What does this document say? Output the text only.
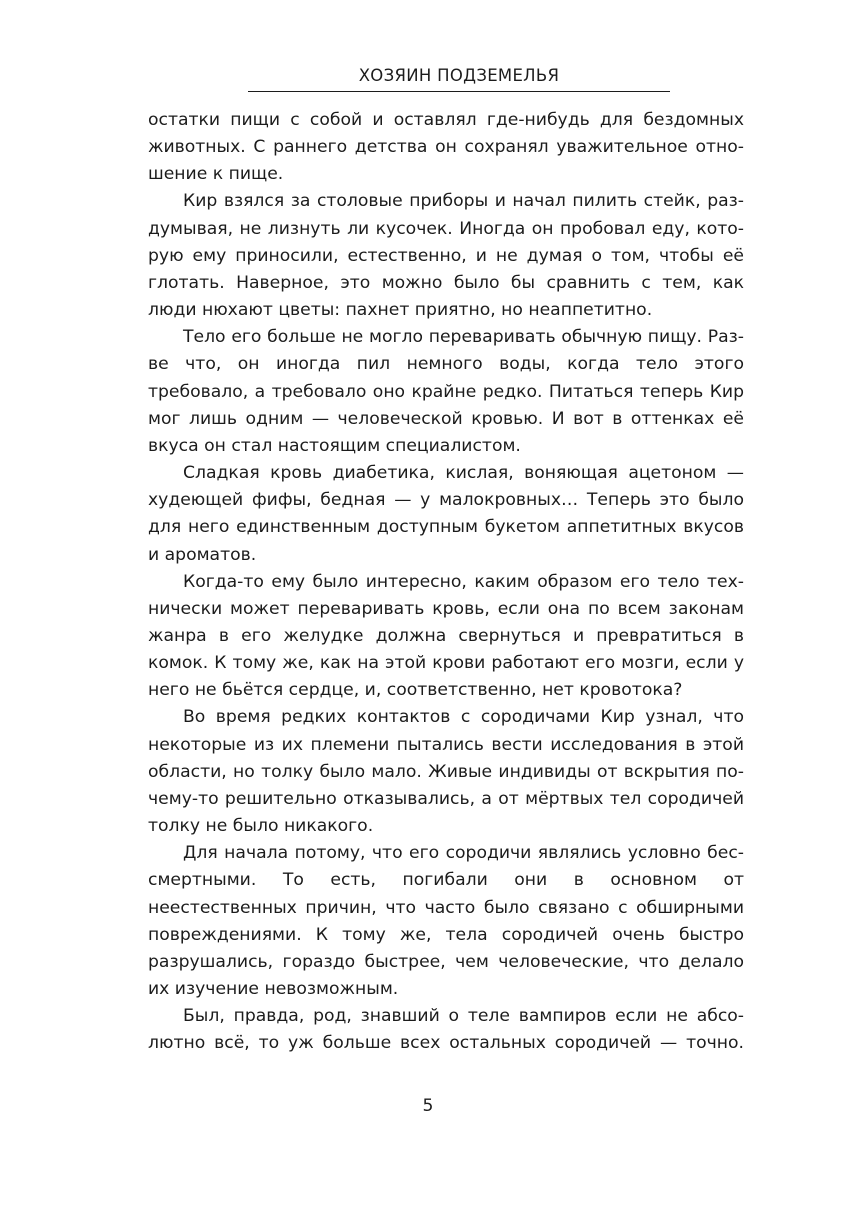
ХОЗЯИН ПОДЗЕМЕЛЬЯ

остатки пищи с собой и оставлял где-нибудь для бездомных животных. С раннего детства он сохранял уважительное отношение к пище.

Кир взялся за столовые приборы и начал пилить стейк, раздумывая, не лизнуть ли кусочек. Иногда он пробовал еду, которую ему приносили, естественно, и не думая о том, чтобы её глотать. Наверное, это можно было бы сравнить с тем, как люди нюхают цветы: пахнет приятно, но неаппетитно.

Тело его больше не могло переваривать обычную пищу. Разве что, он иногда пил немного воды, когда тело этого требовало, а требовало оно крайне редко. Питаться теперь Кир мог лишь одним — человеческой кровью. И вот в оттенках её вкуса он стал настоящим специалистом.

Сладкая кровь диабетика, кислая, воняющая ацетоном — худеющей фифы, бедная — у малокровных… Теперь это было для него единственным доступным букетом аппетитных вкусов и ароматов.

Когда-то ему было интересно, каким образом его тело технически может переваривать кровь, если она по всем законам жанра в его желудке должна свернуться и превратиться в комок. К тому же, как на этой крови работают его мозги, если у него не бьётся сердце, и, соответственно, нет кровотока?

Во время редких контактов с сородичами Кир узнал, что некоторые из их племени пытались вести исследования в этой области, но толку было мало. Живые индивиды от вскрытия почему-то решительно отказывались, а от мёртвых тел сородичей толку не было никакого.

Для начала потому, что его сородичи являлись условно бессмертными. То есть, погибали они в основном от неестественных причин, что часто было связано с обширными повреждениями. К тому же, тела сородичей очень быстро разрушались, гораздо быстрее, чем человеческие, что делало их изучение невозможным.

Был, правда, род, знавший о теле вампиров если не абсолютно всё, то уж больше всех остальных сородичей — точно.

5
